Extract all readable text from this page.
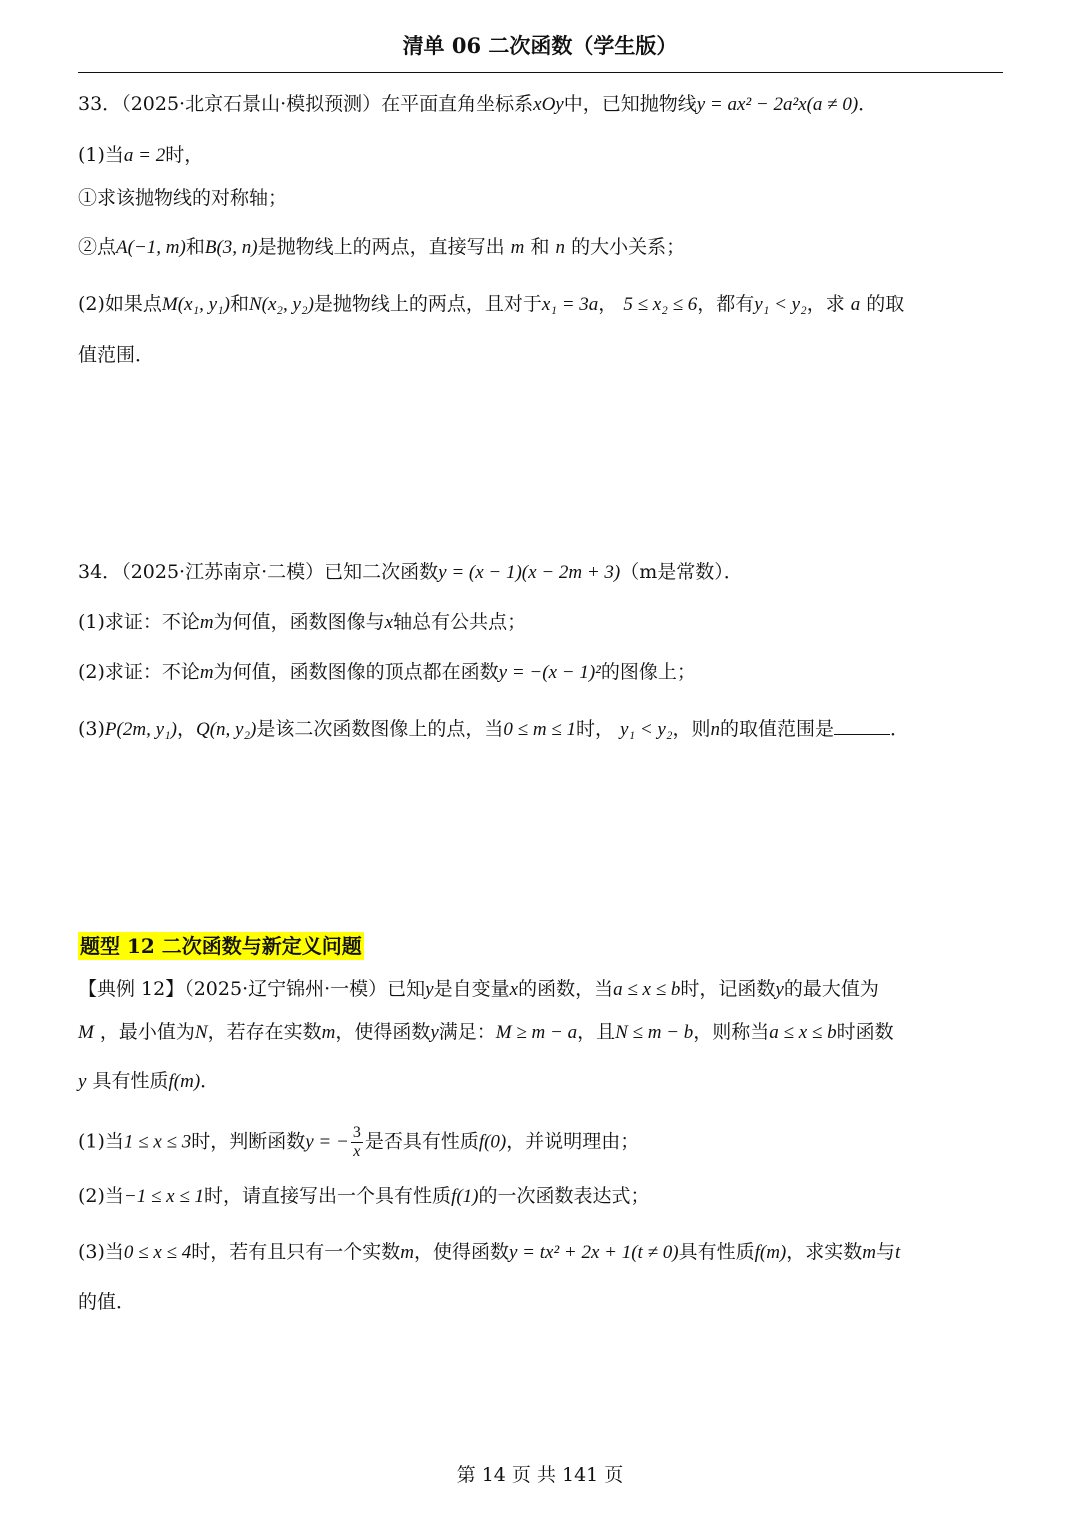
清单 06 二次函数（学生版）
33．（2025·北京石景山·模拟预测）在平面直角坐标系xOy中，已知抛物线y = ax² − 2a²x(a ≠ 0)．
(1)当a = 2时，
①求该抛物线的对称轴；
②点A(−1, m)和B(3, n)是抛物线上的两点，直接写出 m 和 n 的大小关系；
(2)如果点M(x₁, y₁)和N(x₂, y₂)是抛物线上的两点，且对于x₁ = 3a， 5 ≤ x₂ ≤ 6，都有y₁ < y₂，求 a 的取
值范围．
34．（2025·江苏南京·二模）已知二次函数y = (x − 1)(x − 2m + 3)（m是常数）．
(1)求证：不论m为何值，函数图像与x轴总有公共点；
(2)求证：不论m为何值，函数图像的顶点都在函数y = −(x − 1)²的图像上；
(3)P(2m, y₁)，Q(n, y₂)是该二次函数图像上的点，当0 ≤ m ≤ 1时， y₁ < y₂，则n的取值范围是	．
题型 12 二次函数与新定义问题
【典例 12】（2025·辽宁锦州·一模）已知y是自变量x的函数，当a ≤ x ≤ b时，记函数y的最大值为
M ，最小值为N，若存在实数m，使得函数y满足：M ≥ m − a，且N ≤ m − b，则称当a ≤ x ≤ b时函数
y 具有性质f(m)．
(1)当1 ≤ x ≤ 3时，判断函数y = − $\frac{3}{x}$ 是否具有性质f(0)，并说明理由；
(2)当−1 ≤ x ≤ 1时，请直接写出一个具有性质f(1)的一次函数表达式；
(3)当0 ≤ x ≤ 4时，若有且只有一个实数m，使得函数y = tx² + 2x + 1(t ≠ 0)具有性质f(m)，求实数m与t
的值．
第 14 页 共 141 页
